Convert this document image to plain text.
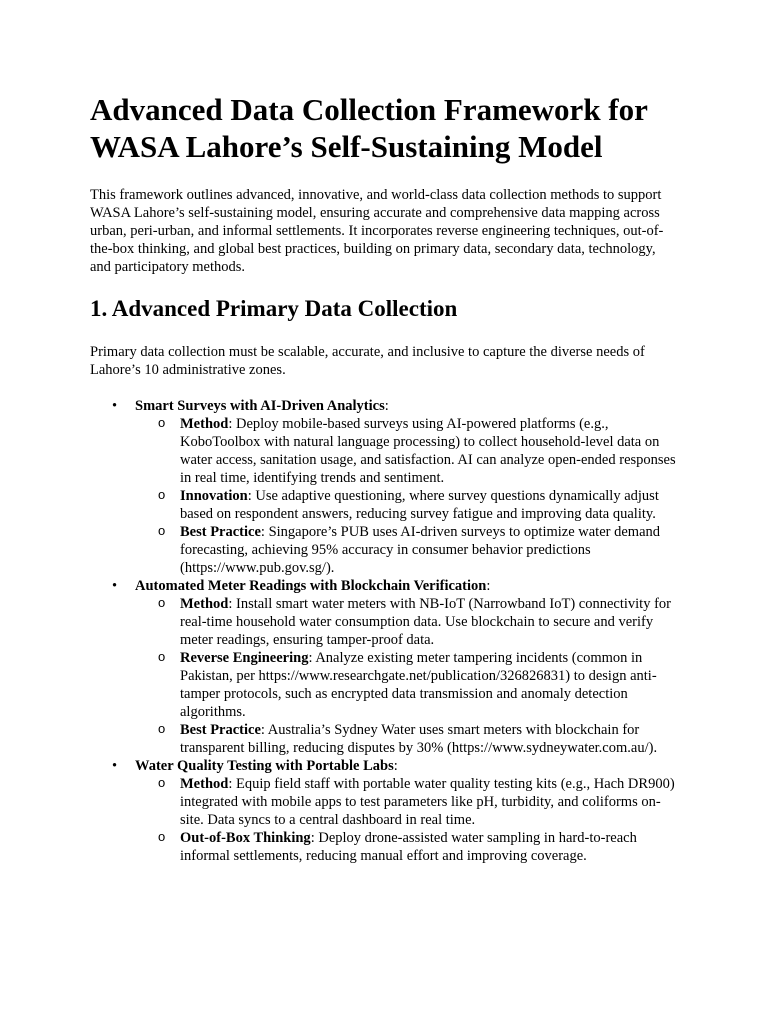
Advanced Data Collection Framework for WASA Lahore’s Self-Sustaining Model

This framework outlines advanced, innovative, and world-class data collection methods to support WASA Lahore’s self-sustaining model, ensuring accurate and comprehensive data mapping across urban, peri-urban, and informal settlements. It incorporates reverse engineering techniques, out-of-the-box thinking, and global best practices, building on primary data, secondary data, technology, and participatory methods.

1. Advanced Primary Data Collection

Primary data collection must be scalable, accurate, and inclusive to capture the diverse needs of Lahore’s 10 administrative zones.

• Smart Surveys with AI-Driven Analytics:
o Method: Deploy mobile-based surveys using AI-powered platforms (e.g., KoboToolbox with natural language processing) to collect household-level data on water access, sanitation usage, and satisfaction. AI can analyze open-ended responses in real time, identifying trends and sentiment.
o Innovation: Use adaptive questioning, where survey questions dynamically adjust based on respondent answers, reducing survey fatigue and improving data quality.
o Best Practice: Singapore’s PUB uses AI-driven surveys to optimize water demand forecasting, achieving 95% accuracy in consumer behavior predictions (https://www.pub.gov.sg/).
• Automated Meter Readings with Blockchain Verification:
o Method: Install smart water meters with NB-IoT (Narrowband IoT) connectivity for real-time household water consumption data. Use blockchain to secure and verify meter readings, ensuring tamper-proof data.
o Reverse Engineering: Analyze existing meter tampering incidents (common in Pakistan, per https://www.researchgate.net/publication/326826831) to design anti-tamper protocols, such as encrypted data transmission and anomaly detection algorithms.
o Best Practice: Australia’s Sydney Water uses smart meters with blockchain for transparent billing, reducing disputes by 30% (https://www.sydneywater.com.au/).
• Water Quality Testing with Portable Labs:
o Method: Equip field staff with portable water quality testing kits (e.g., Hach DR900) integrated with mobile apps to test parameters like pH, turbidity, and coliforms on-site. Data syncs to a central dashboard in real time.
o Out-of-Box Thinking: Deploy drone-assisted water sampling in hard-to-reach informal settlements, reducing manual effort and improving coverage.
